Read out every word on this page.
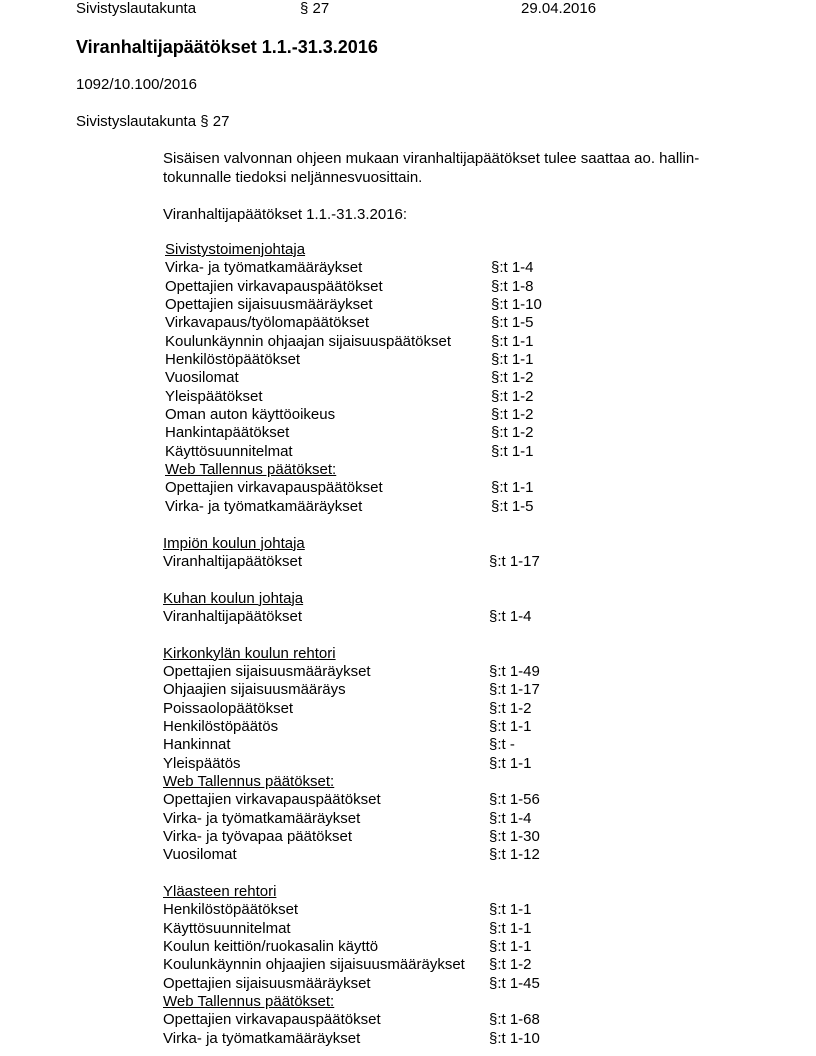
Sivistyslautakunta	§ 27	29.04.2016
Viranhaltijapäätökset 1.1.-31.3.2016
1092/10.100/2016
Sivistyslautakunta § 27
Sisäisen valvonnan ohjeen mukaan viranhaltijapäätökset tulee saattaa ao. hallin-tokunnalle tiedoksi neljännesvuosittain.
Viranhaltijapäätökset 1.1.-31.3.2016:
Sivistystoimenjohtaja
Virka- ja työmatkamääräykset	§:t 1-4
Opettajien virkavapauspäätökset	§:t 1-8
Opettajien sijaisuusmääräykset	§:t 1-10
Virkavapaus/työlomapäätökset	§:t 1-5
Koulunkäynnin ohjaajan sijaisuuspäätökset	§:t 1-1
Henkilöstöpäätökset	§:t 1-1
Vuosilomat	§:t 1-2
Yleispäätökset	§:t 1-2
Oman auton käyttöoikeus	§:t 1-2
Hankintapäätökset	§:t 1-2
Käyttösuunnitelmat	§:t 1-1
Web Tallennus päätökset:
Opettajien virkavapauspäätökset	§:t 1-1
Virka- ja työmatkamääräykset	§:t 1-5
Impiön koulun johtaja
Viranhaltijapäätökset	§:t 1-17
Kuhan koulun johtaja
Viranhaltijapäätökset	§:t 1-4
Kirkonkylän koulun rehtori
Opettajien sijaisuusmääräykset	§:t 1-49
Ohjaajien sijaisuusmääräys	§:t 1-17
Poissaolopäätökset	§:t 1-2
Henkilöstöpäätös	§:t 1-1
Hankinnat	§:t -
Yleispäätös	§:t 1-1
Web Tallennus päätökset:
Opettajien virkavapauspäätökset	§:t 1-56
Virka- ja työmatkamääräykset	§:t 1-4
Virka- ja työvapaa päätökset	§:t 1-30
Vuosilomat	§:t 1-12
Yläasteen rehtori
Henkilöstöpäätökset	§:t 1-1
Käyttösuunnitelmat	§:t 1-1
Koulun keittiön/ruokasalin käyttö	§:t 1-1
Koulunkäynnin ohjaajien sijaisuusmääräykset	§:t 1-2
Opettajien sijaisuusmääräykset	§:t 1-45
Web Tallennus päätökset:
Opettajien virkavapauspäätökset	§:t 1-68
Virka- ja työmatkamääräykset	§:t 1-10
